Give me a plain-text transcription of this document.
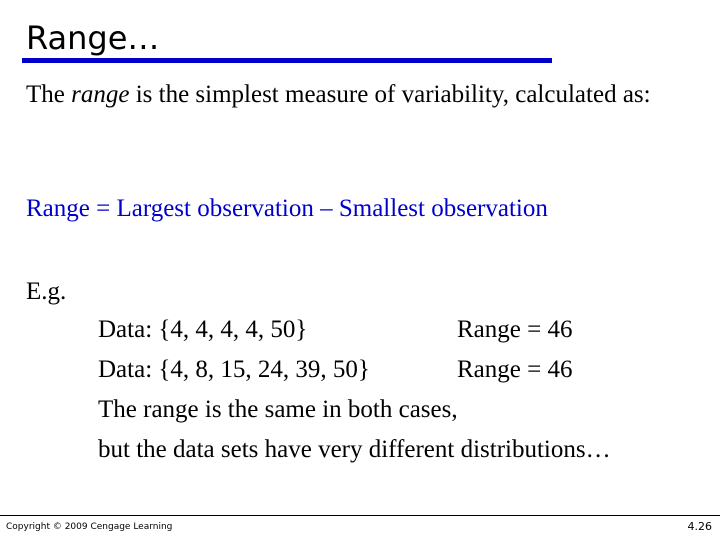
Range…
The range is the simplest measure of variability, calculated as:
Range = Largest observation – Smallest observation
E.g.
Data: {4, 4, 4, 4, 50}	Range = 46
Data: {4, 8, 15, 24, 39, 50}	Range = 46
The range is the same in both cases,
but the data sets have very different distributions…
Copyright © 2009 Cengage Learning	4.26
